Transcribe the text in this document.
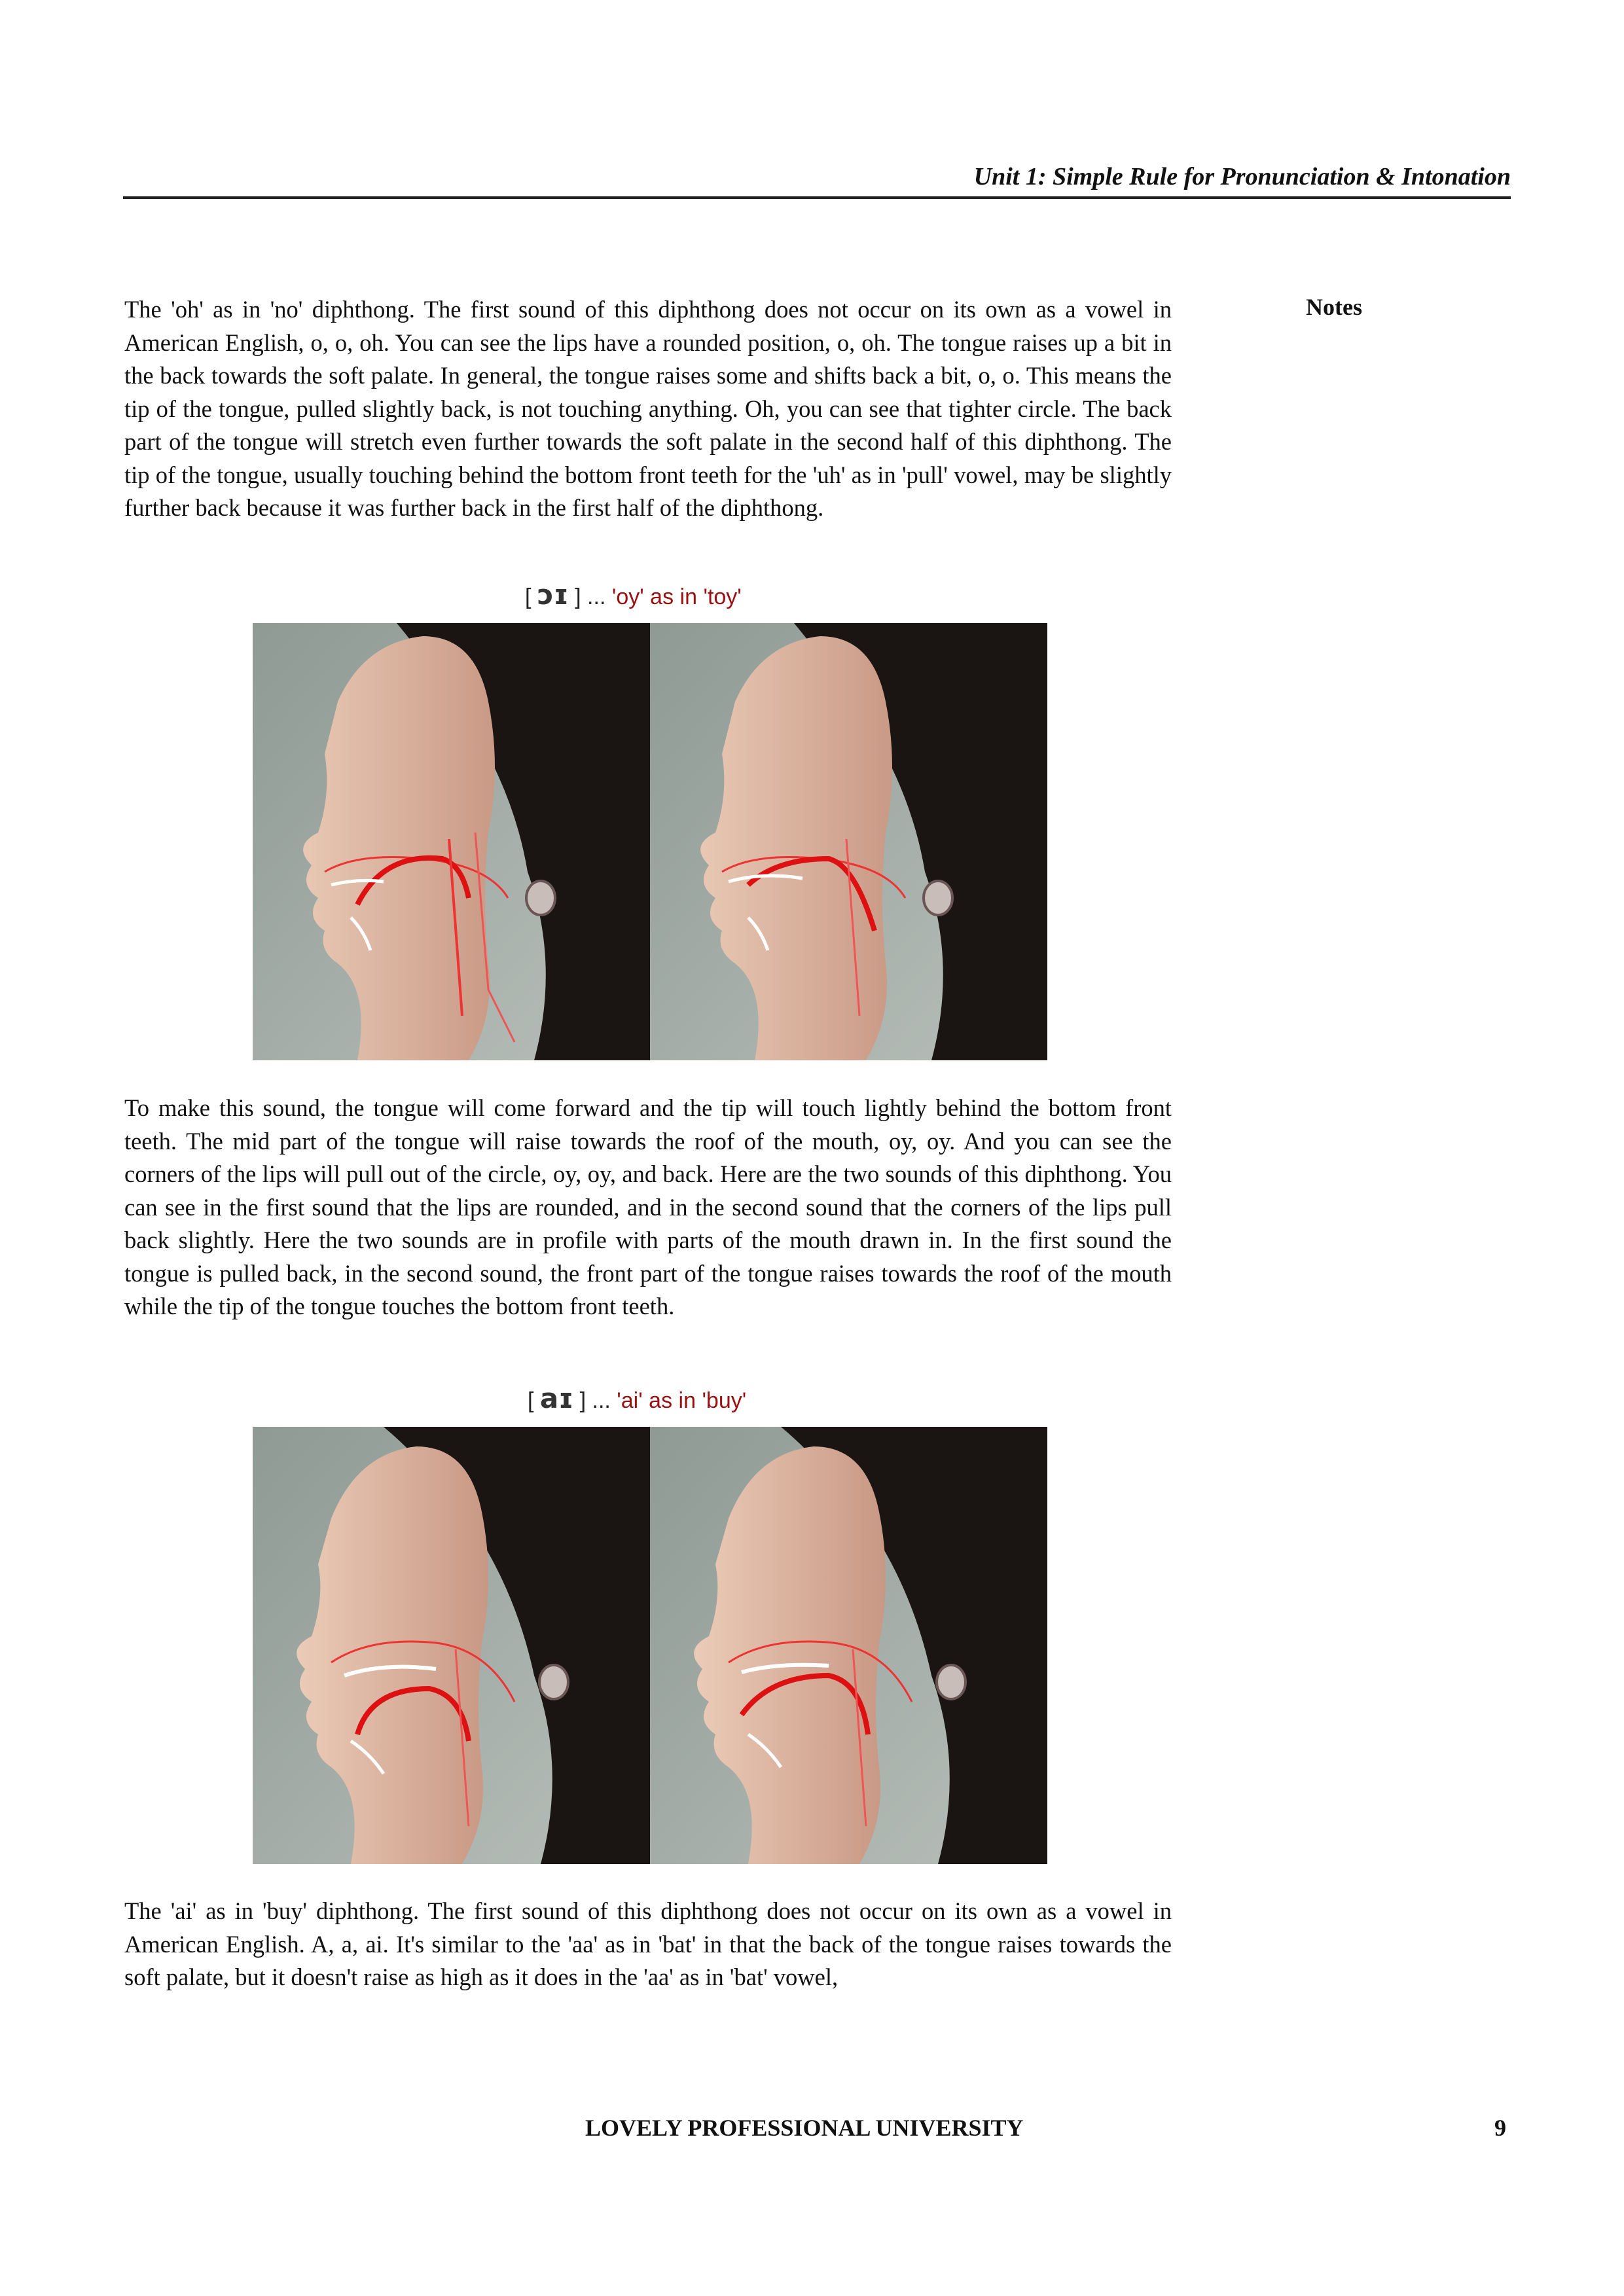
Unit 1: Simple Rule for Pronunciation & Intonation
Notes

The 'oh' as in 'no' diphthong. The first sound of this diphthong does not occur on its own as a vowel in American English, o, o, oh. You can see the lips have a rounded position, o, oh. The tongue raises up a bit in the back towards the soft palate. In general, the tongue raises some and shifts back a bit, o, o. This means the tip of the tongue, pulled slightly back, is not touching anything. Oh, you can see that tighter circle. The back part of the tongue will stretch even further towards the soft palate in the second half of this diphthong. The tip of the tongue, usually touching behind the bottom front teeth for the 'uh' as in 'pull' vowel, may be slightly further back because it was further back in the first half of the diphthong.

[ ɔɪ ] ... 'oy' as in 'toy'

To make this sound, the tongue will come forward and the tip will touch lightly behind the bottom front teeth. The mid part of the tongue will raise towards the roof of the mouth, oy, oy. And you can see the corners of the lips will pull out of the circle, oy, oy, and back. Here are the two sounds of this diphthong. You can see in the first sound that the lips are rounded, and in the second sound that the corners of the lips pull back slightly. Here the two sounds are in profile with parts of the mouth drawn in. In the first sound the tongue is pulled back, in the second sound, the front part of the tongue raises towards the roof of the mouth while the tip of the tongue touches the bottom front teeth.

[ aɪ ] ... 'ai' as in 'buy'

The 'ai' as in 'buy' diphthong. The first sound of this diphthong does not occur on its own as a vowel in American English. A, a, ai. It's similar to the 'aa' as in 'bat' in that the back of the tongue raises towards the soft palate, but it doesn't raise as high as it does in the 'aa' as in 'bat' vowel,

LOVELY PROFESSIONAL UNIVERSITY	9
